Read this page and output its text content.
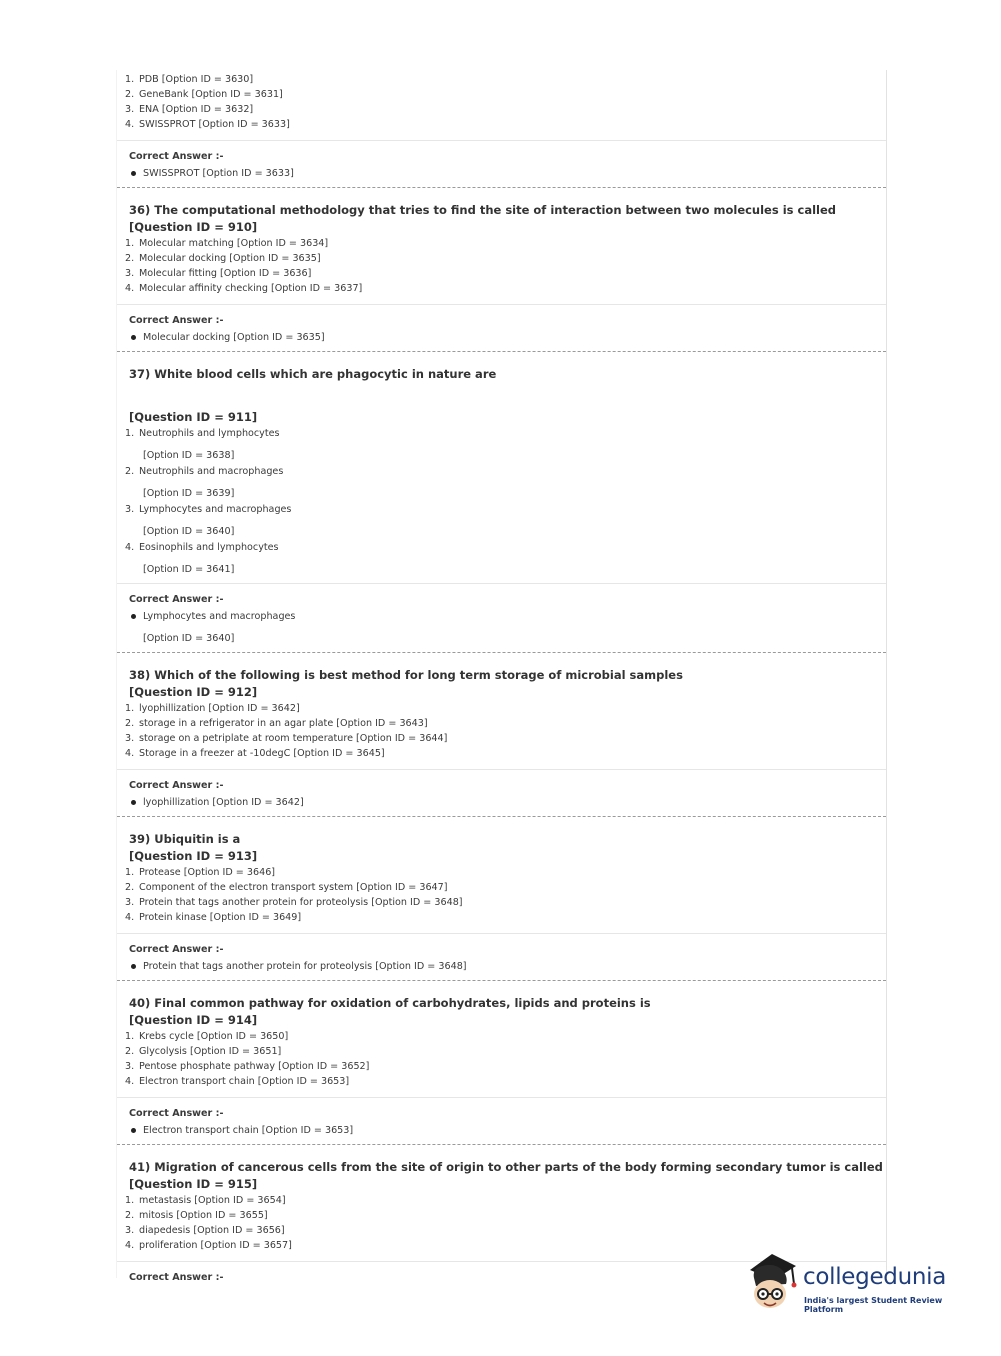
1. PDB [Option ID = 3630]
2. GeneBank [Option ID = 3631]
3. ENA [Option ID = 3632]
4. SWISSPROT [Option ID = 3633]
Correct Answer :-
SWISSPROT [Option ID = 3633]
36) The computational methodology that tries to find the site of interaction between two molecules is called
[Question ID = 910]
1. Molecular matching [Option ID = 3634]
2. Molecular docking [Option ID = 3635]
3. Molecular fitting [Option ID = 3636]
4. Molecular affinity checking [Option ID = 3637]
Correct Answer :-
Molecular docking [Option ID = 3635]
37) White blood cells which are phagocytic in nature are
[Question ID = 911]
1. Neutrophils and lymphocytes
[Option ID = 3638]
2. Neutrophils and macrophages
[Option ID = 3639]
3. Lymphocytes and macrophages
[Option ID = 3640]
4. Eosinophils and lymphocytes
[Option ID = 3641]
Correct Answer :-
Lymphocytes and macrophages
[Option ID = 3640]
38) Which of the following is best method for long term storage of microbial samples
[Question ID = 912]
1. lyophillization [Option ID = 3642]
2. storage in a refrigerator in an agar plate [Option ID = 3643]
3. storage on a petriplate at room temperature [Option ID = 3644]
4. Storage in a freezer at -10degC [Option ID = 3645]
Correct Answer :-
lyophillization [Option ID = 3642]
39) Ubiquitin is a
[Question ID = 913]
1. Protease [Option ID = 3646]
2. Component of the electron transport system [Option ID = 3647]
3. Protein that tags another protein for proteolysis [Option ID = 3648]
4. Protein kinase [Option ID = 3649]
Correct Answer :-
Protein that tags another protein for proteolysis [Option ID = 3648]
40) Final common pathway for oxidation of carbohydrates, lipids and proteins is
[Question ID = 914]
1. Krebs cycle [Option ID = 3650]
2. Glycolysis [Option ID = 3651]
3. Pentose phosphate pathway [Option ID = 3652]
4. Electron transport chain [Option ID = 3653]
Correct Answer :-
Electron transport chain [Option ID = 3653]
41) Migration of cancerous cells from the site of origin to other parts of the body forming secondary tumor is called
[Question ID = 915]
1. metastasis [Option ID = 3654]
2. mitosis [Option ID = 3655]
3. diapedesis [Option ID = 3656]
4. proliferation [Option ID = 3657]
Correct Answer :-	collegedunia
India's largest Student Review Platform
